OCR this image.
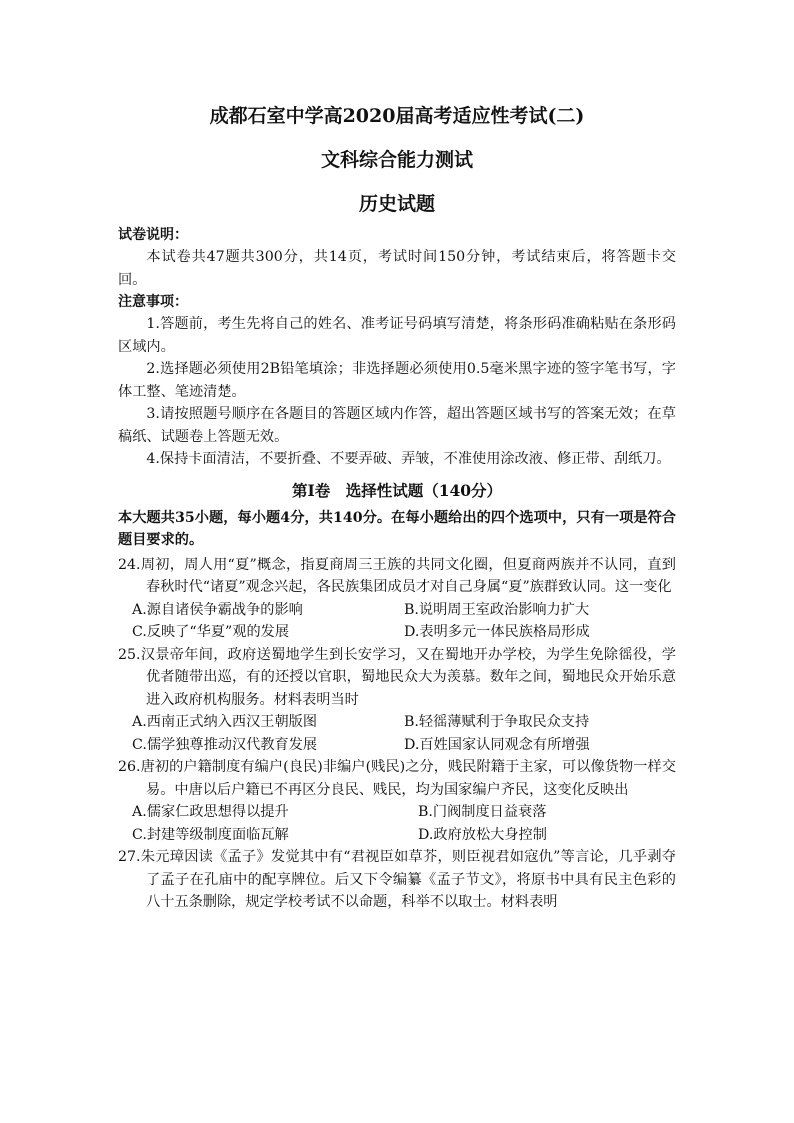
成都石室中学高2020届高考适应性考试(二)
文科综合能力测试
历史试题
试卷说明：

本试卷共47题共300分，共14页，考试时间150分钟，考试结束后，将答题卡交回。

注意事项：

1.答题前，考生先将自己的姓名、准考证号码填写清楚，将条形码准确粘贴在条形码区域内。

2.选择题必须使用2B铅笔填涂；非选择题必须使用0.5毫米黑字迹的签字笔书写，字体工整、笔迹清楚。

3.请按照题号顺序在各题目的答题区域内作答，超出答题区域书写的答案无效；在草稿纸、试题卷上答题无效。

4.保持卡面清洁，不要折叠、不要弄破、弄皱，不准使用涂改液、修正带、刮纸刀。

第Ⅰ卷　选择性试题（140分）

本大题共35小题，每小题4分，共140分。在每小题给出的四个选项中，只有一项是符合题目要求的。

24.周初，周人用“夏”概念，指夏商周三王族的共同文化圈，但夏商两族并不认同，直到春秋时代“诸夏”观念兴起，各民族集团成员才对自己身属“夏”族群致认同。这一变化
A.源自诸侯争霸战争的影响	B.说明周王室政治影响力扩大
C.反映了“华夏”观的发展	D.表明多元一体民族格局形成
25.汉景帝年间，政府送蜀地学生到长安学习，又在蜀地开办学校，为学生免除徭役，学优者随带出巡，有的还授以官职，蜀地民众大为羡慕。数年之间，蜀地民众开始乐意进入政府机构服务。材料表明当时
A.西南正式纳入西汉王朝版图	B.轻徭薄赋利于争取民众支持
C.儒学独尊推动汉代教育发展	D.百姓国家认同观念有所增强
26.唐初的户籍制度有编户(良民)非编户(贱民)之分，贱民附籍于主家，可以像货物一样交易。中唐以后户籍已不再区分良民、贱民，均为国家编户齐民，这变化反映出
A.儒家仁政思想得以提升	B.门阀制度日益衰落
C.封建等级制度面临瓦解	D.政府放松大身控制
27.朱元璋因读《孟子》发觉其中有“君视臣如草芥，则臣视君如寇仇”等言论，几乎剥夺了孟子在孔庙中的配享牌位。后又下令编纂《孟子节文》，将原书中具有民主色彩的八十五条删除，规定学校考试不以命题，科举不以取士。材料表明
